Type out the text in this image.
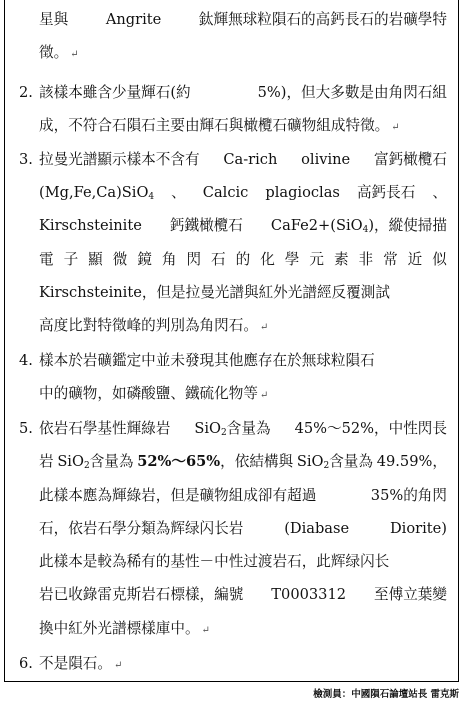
星與	Angrite	鈦輝無球粒隕石的高鈣長石的岩礦學特
徵。 ↵
2. 該樣本雖含少量輝石(約	5%)，但大多數是由角閃石組
成，不符合石隕石主要由輝石與橄欖石礦物組成特徵。 ↵
3. 拉曼光譜顯示樣本不含有 Ca-rich olivine 富鈣橄欖石
(Mg,Fe,Ca)SiO$_4$ 、 Calcic plagioclas 高鈣長石 、
Kirschsteinite 鈣鐵橄欖石 CaFe2+(SiO$_4$)，縱使掃描
電 子 顯 微 鏡 角 閃 石 的 化 學 元 素 非 常 近 似
Kirschsteinite，但是拉曼光譜與紅外光譜經反覆測試
高度比對特徵峰的判別為角閃石。 ↵
4. 樣本於岩礦鑑定中並未發現其他應存在於無球粒隕石
中的礦物，如磷酸鹽、鐵硫化物等 ↵
5. 依岩石學基性輝綠岩 SiO$_2$含量為 45%～52%，中性閃長
岩 SiO$_2$含量為 52%～65%，依結構與 SiO$_2$含量為 49.59%，
此樣本應為輝綠岩，但是礦物組成卻有超過	35%的角閃
石，依岩石學分類為辉绿闪长岩	(Diabase	Diorite)
此樣本是較為稀有的基性－中性过渡岩石，此辉绿闪长
岩已收錄雷克斯岩石標樣，編號 T0003312 至傅立葉變
換中紅外光譜標樣庫中。 ↵
6. 不是隕石。 ↵
檢測員：中國隕石論壇站長 雷克斯
